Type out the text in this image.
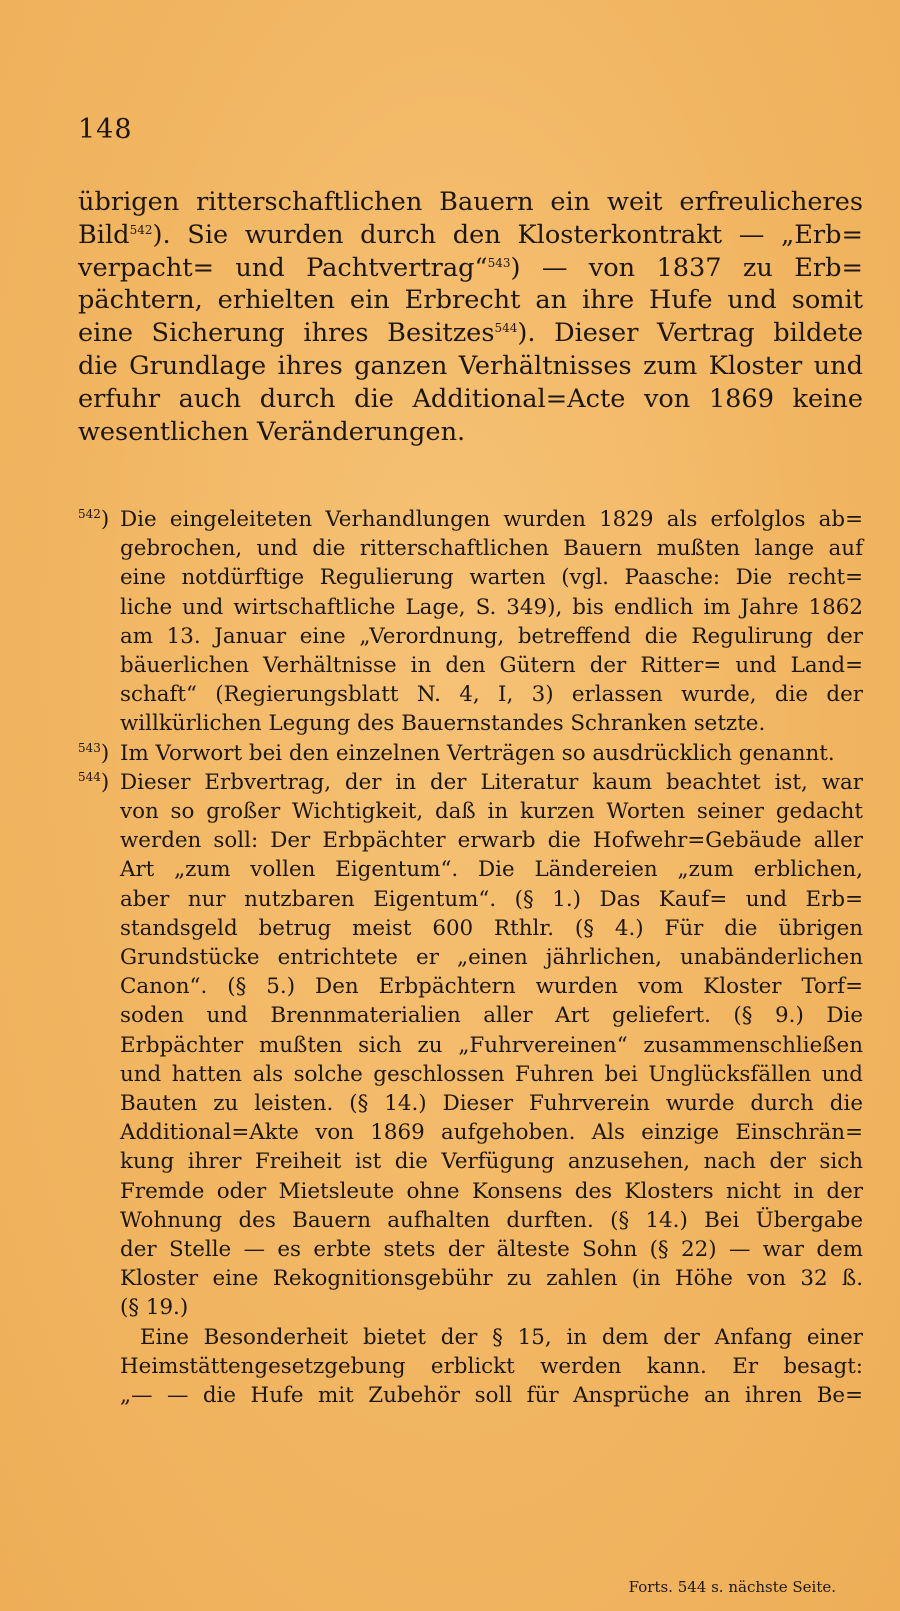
148
übrigen ritterschaftlichen Bauern ein weit erfreulicheres
Bild$^{542}$). Sie wurden durch den Klosterkontrakt — „Erb=
verpacht= und Pachtvertrag“$^{543}$) — von 1837 zu Erb=
pächtern, erhielten ein Erbrecht an ihre Hufe und somit
eine Sicherung ihres Besitzes$^{544}$). Dieser Vertrag bildete
die Grundlage ihres ganzen Verhältnisses zum Kloster und
erfuhr auch durch die Additional=Acte von 1869 keine
wesentlichen Veränderungen.
$^{542}$) Die eingeleiteten Verhandlungen wurden 1829 als erfolglos ab=
gebrochen, und die ritterschaftlichen Bauern mußten lange auf
eine notdürftige Regulierung warten (vgl. Paasche: Die recht=
liche und wirtschaftliche Lage, S. 349), bis endlich im Jahre 1862
am 13. Januar eine „Verordnung, betreffend die Regulirung der
bäuerlichen Verhältnisse in den Gütern der Ritter= und Land=
schaft“ (Regierungsblatt N. 4, I, 3) erlassen wurde, die der
willkürlichen Legung des Bauernstandes Schranken setzte.
$^{543}$) Im Vorwort bei den einzelnen Verträgen so ausdrücklich genannt.
$^{544}$) Dieser Erbvertrag, der in der Literatur kaum beachtet ist, war
von so großer Wichtigkeit, daß in kurzen Worten seiner gedacht
werden soll: Der Erbpächter erwarb die Hofwehr=Gebäude aller
Art „zum vollen Eigentum“. Die Ländereien „zum erblichen,
aber nur nutzbaren Eigentum“. (§ 1.) Das Kauf= und Erb=
standsgeld betrug meist 600 Rthlr. (§ 4.) Für die übrigen
Grundstücke entrichtete er „einen jährlichen, unabänderlichen
Canon“. (§ 5.) Den Erbpächtern wurden vom Kloster Torf=
soden und Brennmaterialien aller Art geliefert. (§ 9.) Die
Erbpächter mußten sich zu „Fuhrvereinen“ zusammenschließen
und hatten als solche geschlossen Fuhren bei Unglücksfällen und
Bauten zu leisten. (§ 14.) Dieser Fuhrverein wurde durch die
Additional=Akte von 1869 aufgehoben. Als einzige Einschrän=
kung ihrer Freiheit ist die Verfügung anzusehen, nach der sich
Fremde oder Mietsleute ohne Konsens des Klosters nicht in der
Wohnung des Bauern aufhalten durften. (§ 14.) Bei Übergabe
der Stelle — es erbte stets der älteste Sohn (§ 22) — war dem
Kloster eine Rekognitionsgebühr zu zahlen (in Höhe von 32 ß.
(§ 19.)
Eine Besonderheit bietet der § 15, in dem der Anfang einer
Heimstättengesetzgebung erblickt werden kann. Er besagt:
„— — die Hufe mit Zubehör soll für Ansprüche an ihren Be=
Forts. 544 s. nächste Seite.
